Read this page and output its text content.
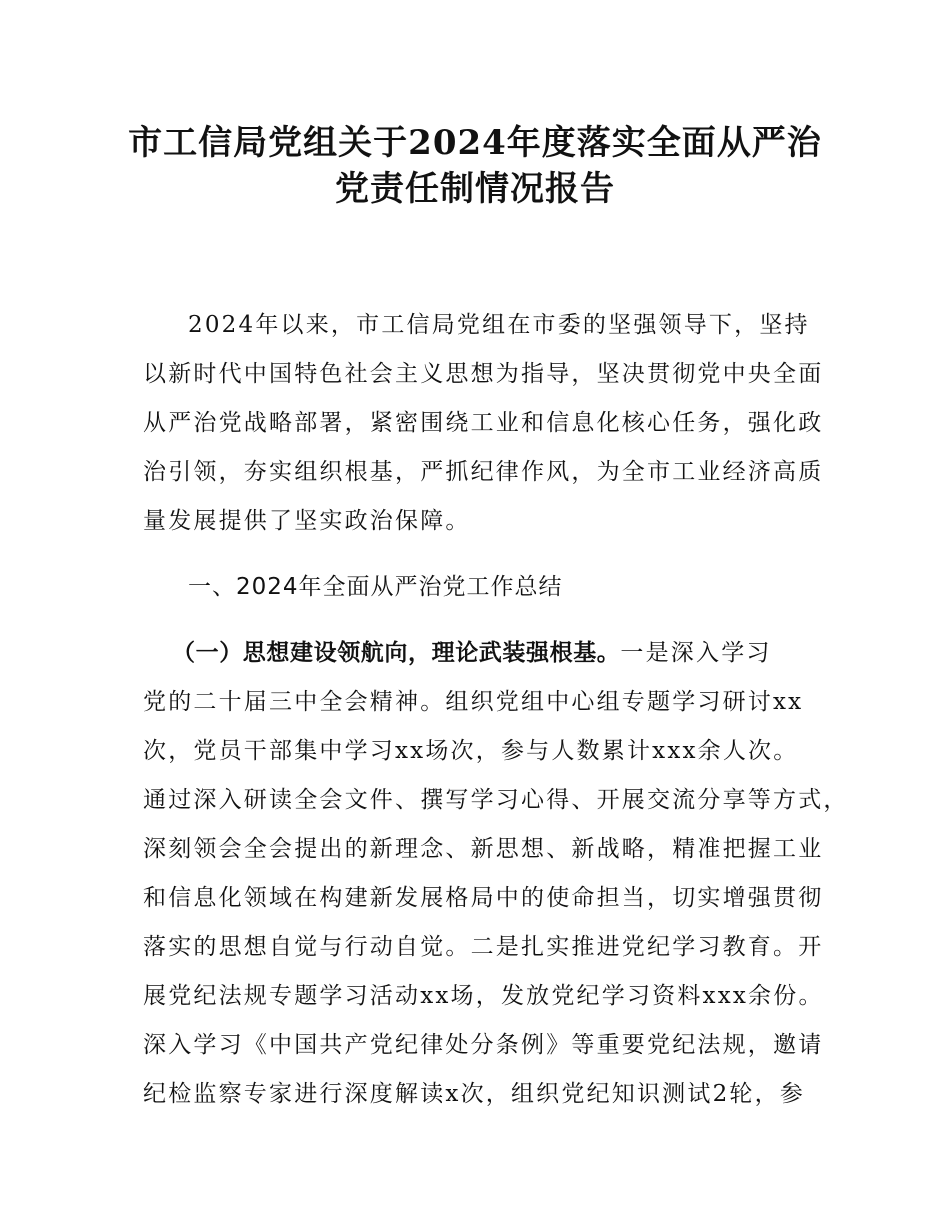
市工信局党组关于2024年度落实全面从严治
党责任制情况报告
2024年以来，市工信局党组在市委的坚强领导下，坚持
以新时代中国特色社会主义思想为指导，坚决贯彻党中央全面
从严治党战略部署，紧密围绕工业和信息化核心任务，强化政
治引领，夯实组织根基，严抓纪律作风，为全市工业经济高质
量发展提供了坚实政治保障。
一、2024年全面从严治党工作总结
（一）思想建设领航向，理论武装强根基。一是深入学习
党的二十届三中全会精神。组织党组中心组专题学习研讨xx
次，党员干部集中学习xx场次，参与人数累计xxx余人次。
通过深入研读全会文件、撰写学习心得、开展交流分享等方式，
深刻领会全会提出的新理念、新思想、新战略，精准把握工业
和信息化领域在构建新发展格局中的使命担当，切实增强贯彻
落实的思想自觉与行动自觉。二是扎实推进党纪学习教育。开
展党纪法规专题学习活动xx场，发放党纪学习资料xxx余份。
深入学习《中国共产党纪律处分条例》等重要党纪法规，邀请
纪检监察专家进行深度解读x次，组织党纪知识测试2轮，参
